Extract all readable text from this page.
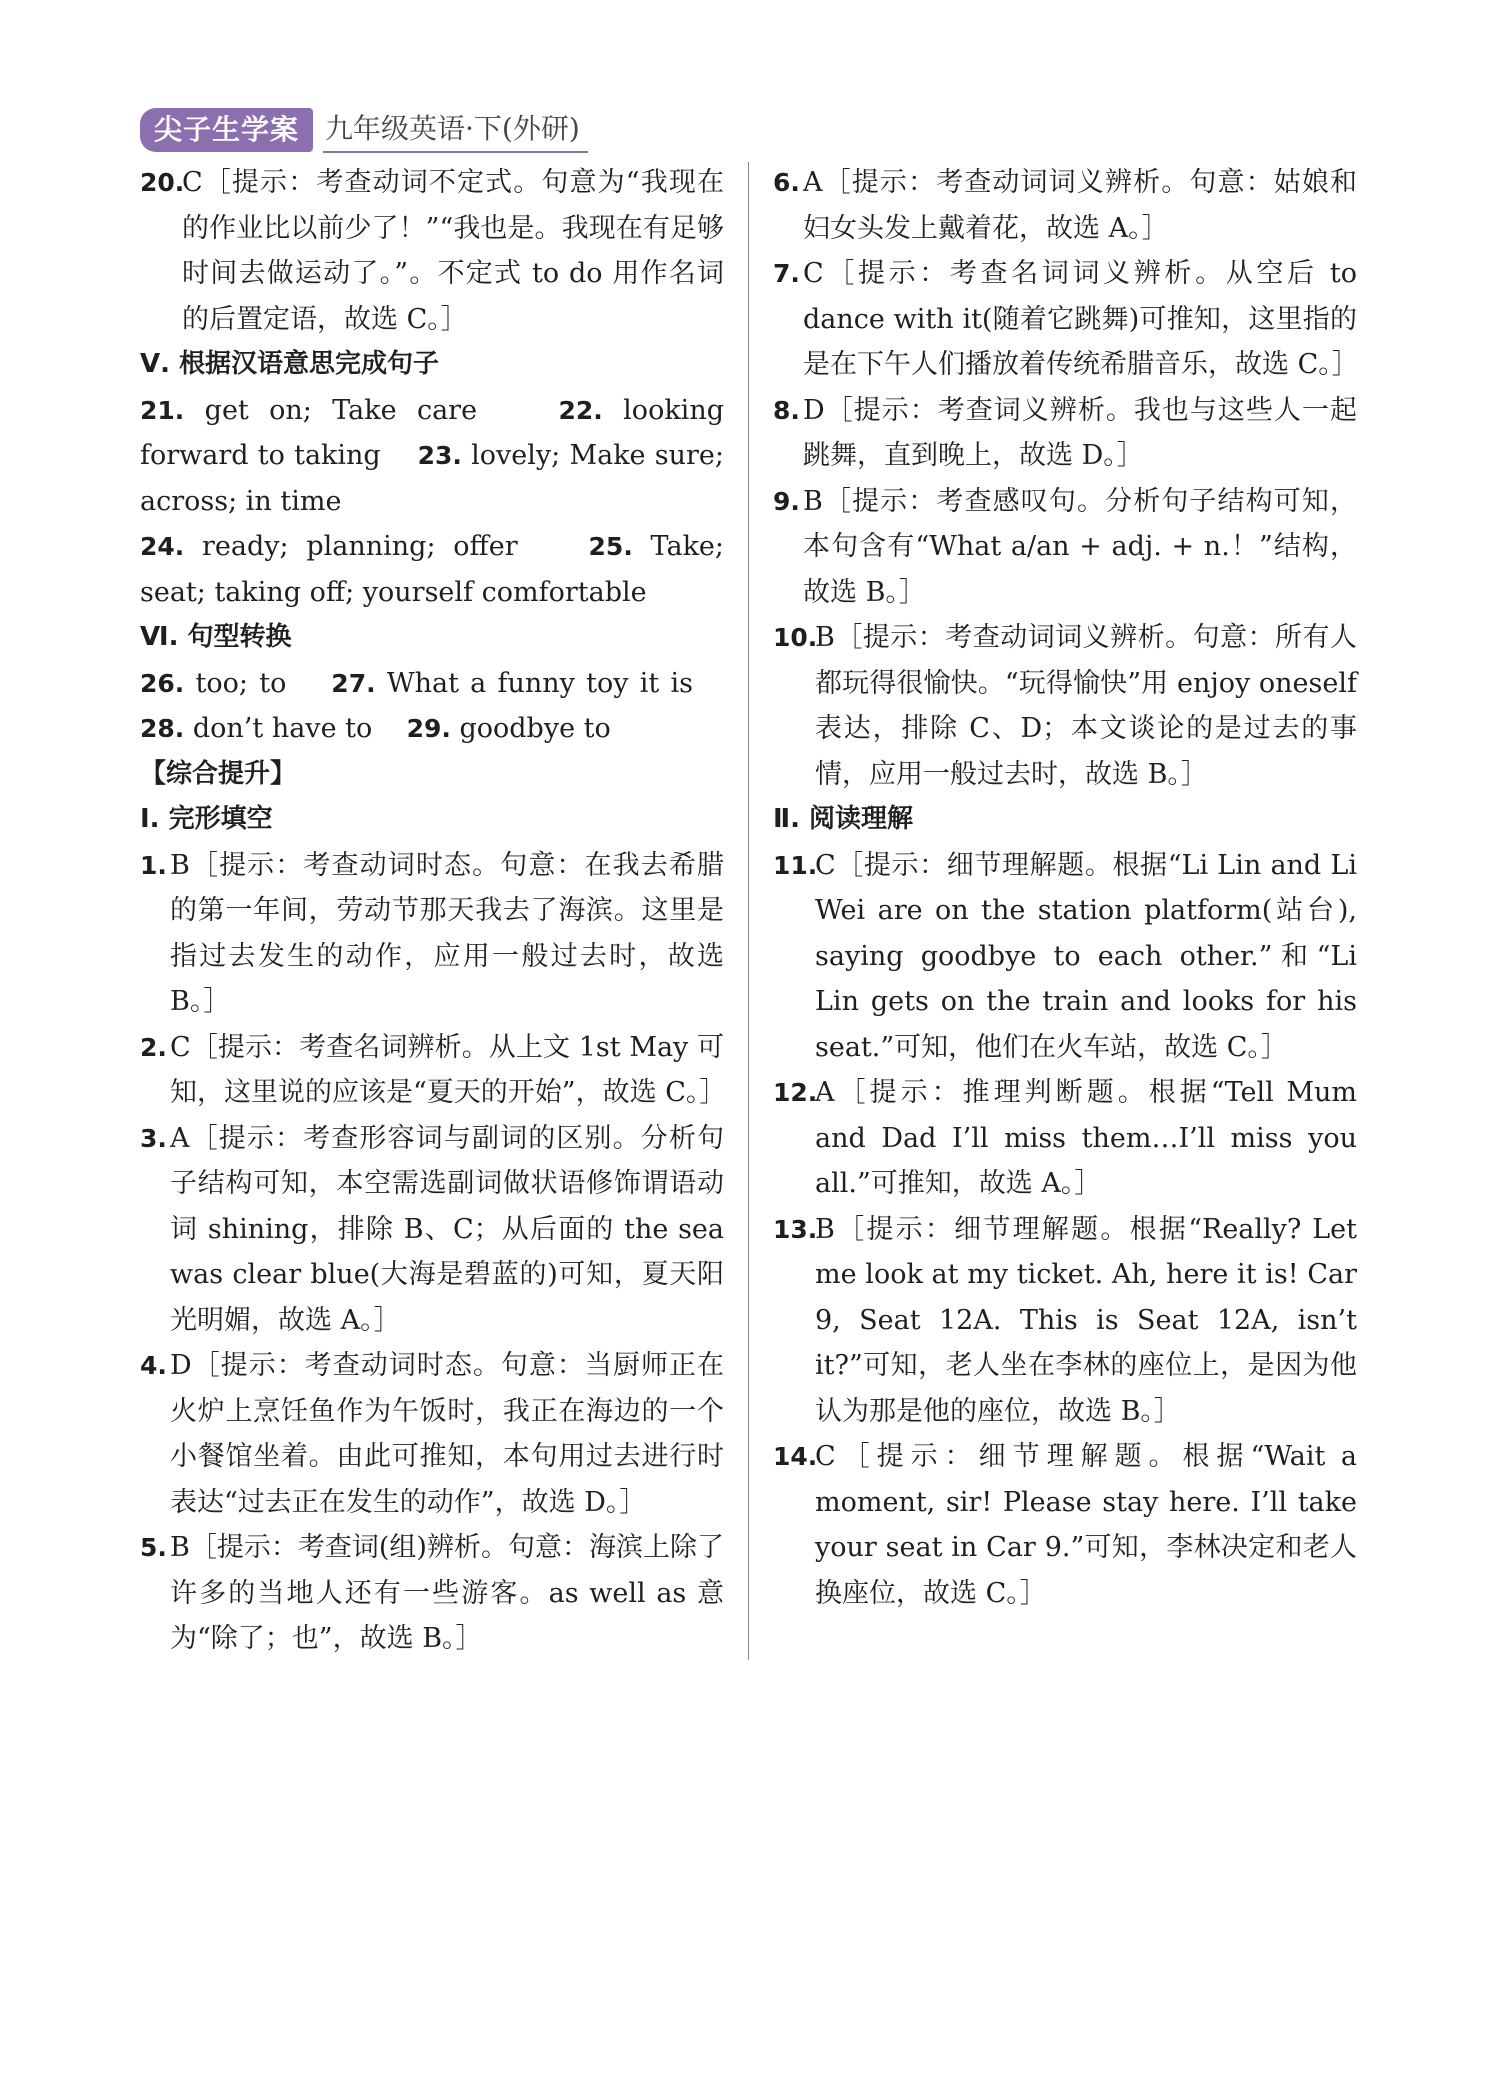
尖子生学案 九年级英语·下(外研)
20.
C［提示：考查动词不定式。句意为“我现在的作业比以前少了！”“我也是。我现在有足够时间去做运动了。”。不定式 to do 用作名词的后置定语，故选 C。］
Ⅴ. 根据汉语意思完成句子
21. get on; Take care	22. looking forward to taking 23. lovely; Make sure; across; in time
24. ready; planning; offer	25. Take; seat; taking off; yourself comfortable
Ⅵ. 句型转换
26. too; to 27. What a funny toy it is    28. don’t have to 29. goodbye to
【综合提升】
Ⅰ. 完形填空
1. B［提示：考查动词时态。句意：在我去希腊的第一年间，劳动节那天我去了海滨。这里是指过去发生的动作，应用一般过去时，故选 B。］
2. C［提示：考查名词辨析。从上文 1st May 可知，这里说的应该是“夏天的开始”，故选 C。］
3. A［提示：考查形容词与副词的区别。分析句子结构可知，本空需选副词做状语修饰谓语动词 shining，排除 B、C；从后面的 the sea was clear blue(大海是碧蓝的)可知，夏天阳光明媚，故选 A。］
4. D［提示：考查动词时态。句意：当厨师正在火炉上烹饪鱼作为午饭时，我正在海边的一个小餐馆坐着。由此可推知，本句用过去进行时表达“过去正在发生的动作”，故选 D。］
5. B［提示：考查词(组)辨析。句意：海滨上除了许多的当地人还有一些游客。as well as 意为“除了；也”，故选 B。］
6. A［提示：考查动词词义辨析。句意：姑娘和妇女头发上戴着花，故选 A。］
7. C［提示：考查名词词义辨析。从空后 to dance with it(随着它跳舞)可推知，这里指的是在下午人们播放着传统希腊音乐，故选 C。］
8. D［提示：考查词义辨析。我也与这些人一起跳舞，直到晚上，故选 D。］
9. B［提示：考查感叹句。分析句子结构可知，本句含有“What a/an + adj. + n.！”结构，故选 B。］
10.
B［提示：考查动词词义辨析。句意：所有人都玩得很愉快。“玩得愉快”用 enjoy oneself 表达，排除 C、D；本文谈论的是过去的事情，应用一般过去时，故选 B。］
Ⅱ. 阅读理解
11.
C［提示：细节理解题。根据“Li Lin and Li Wei are on the station platform(站台), saying goodbye to each other.”和“Li Lin gets on the train and looks for his seat.”可知，他们在火车站，故选 C。］
12.
A［提示：推理判断题。根据“Tell Mum and Dad I’ll miss them…I’ll miss you all.”可推知，故选 A。］
13.
B［提示：细节理解题。根据“Really? Let me look at my ticket. Ah, here it is! Car 9, Seat 12A. This is Seat 12A, isn’t it?”可知，老人坐在李林的座位上，是因为他认为那是他的座位，故选 B。］
14.
C［提示：细节理解题。根据“Wait a moment, sir! Please stay here. I’ll take your seat in Car 9.”可知，李林决定和老人换座位，故选 C。］
